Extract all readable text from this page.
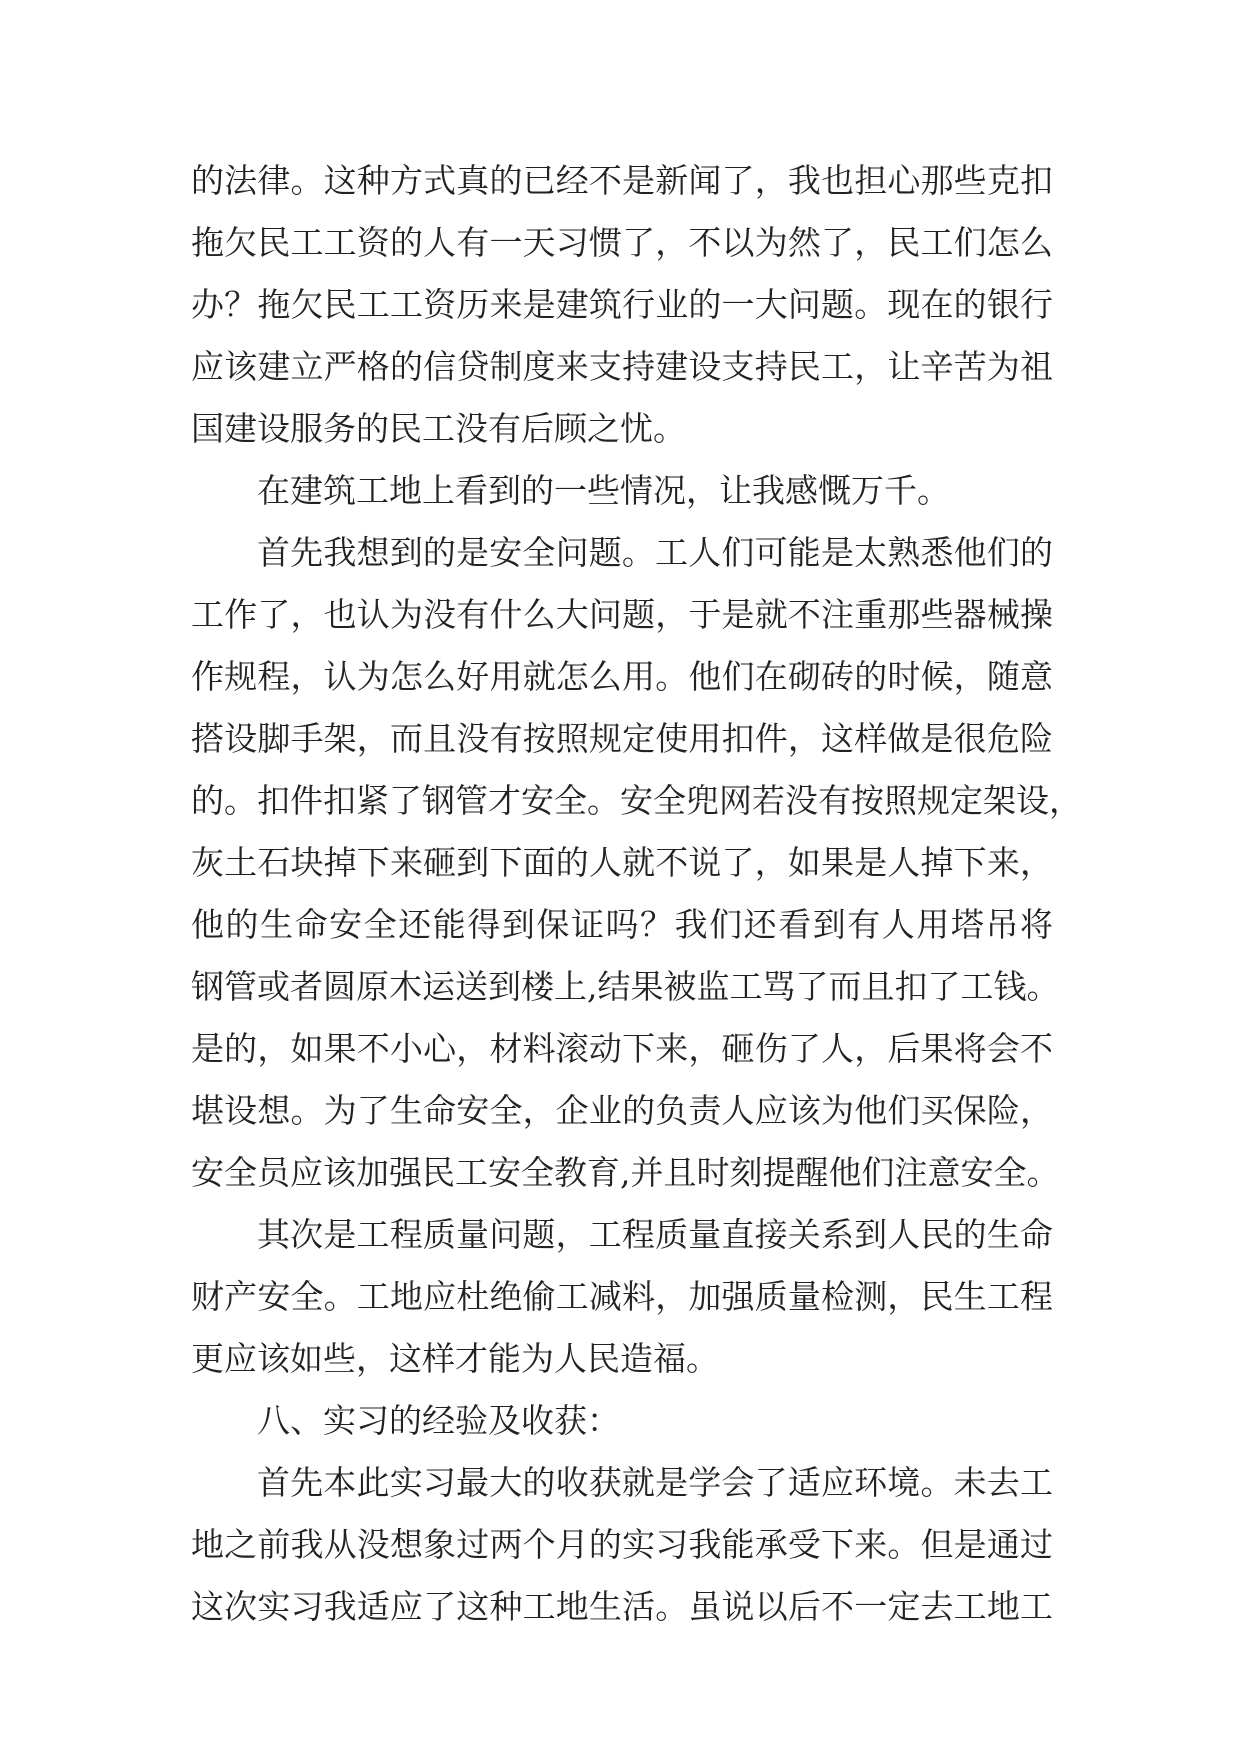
的法律。这种方式真的已经不是新闻了，我也担心那些克扣
拖欠民工工资的人有一天习惯了，不以为然了，民工们怎么
办？拖欠民工工资历来是建筑行业的一大问题。现在的银行
应该建立严格的信贷制度来支持建设支持民工，让辛苦为祖
国建设服务的民工没有后顾之忧。
在建筑工地上看到的一些情况，让我感慨万千。
首先我想到的是安全问题。工人们可能是太熟悉他们的
工作了，也认为没有什么大问题，于是就不注重那些器械操
作规程，认为怎么好用就怎么用。他们在砌砖的时候，随意
搭设脚手架，而且没有按照规定使用扣件，这样做是很危险
的。扣件扣紧了钢管才安全。安全兜网若没有按照规定架设，
灰土石块掉下来砸到下面的人就不说了，如果是人掉下来，
他的生命安全还能得到保证吗？我们还看到有人用塔吊将
钢管或者圆原木运送到楼上,结果被监工骂了而且扣了工钱。
是的，如果不小心，材料滚动下来，砸伤了人，后果将会不
堪设想。为了生命安全，企业的负责人应该为他们买保险，
安全员应该加强民工安全教育,并且时刻提醒他们注意安全。
其次是工程质量问题，工程质量直接关系到人民的生命
财产安全。工地应杜绝偷工减料，加强质量检测，民生工程
更应该如些，这样才能为人民造福。
八、实习的经验及收获：
首先本此实习最大的收获就是学会了适应环境。未去工
地之前我从没想象过两个月的实习我能承受下来。但是通过
这次实习我适应了这种工地生活。虽说以后不一定去工地工
